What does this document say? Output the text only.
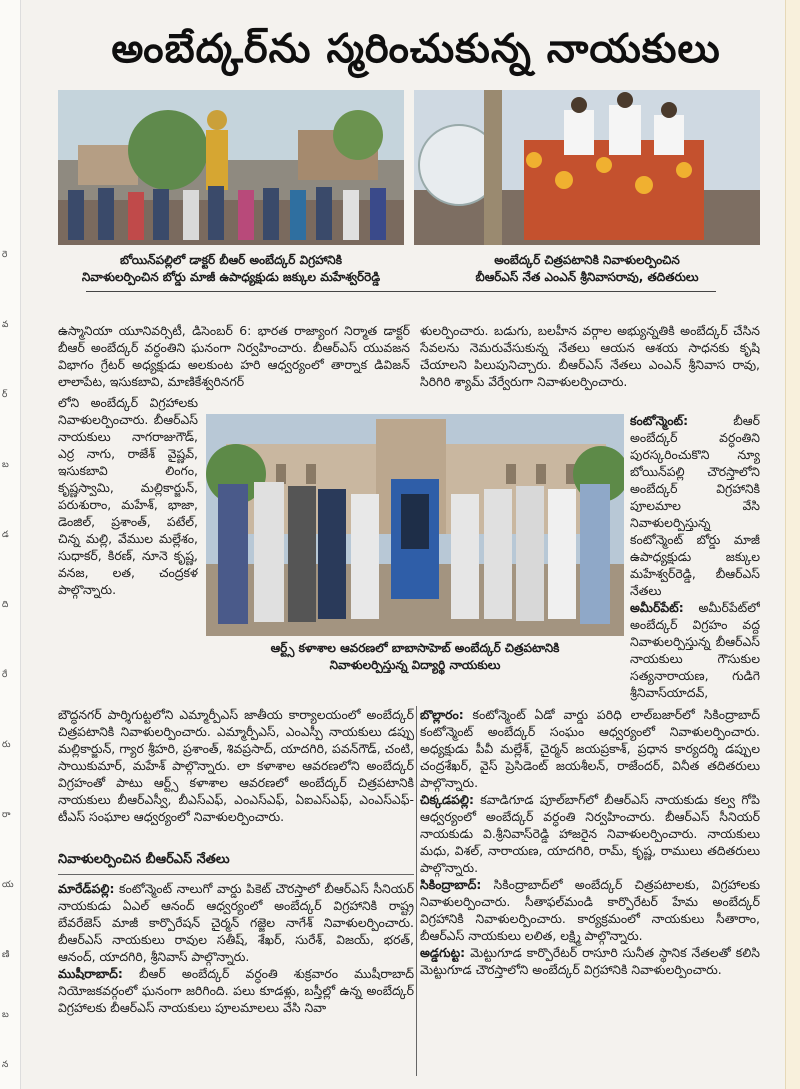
రె
వ
ర్
బ
డ
ది
రే
రు
రా
య
ణి
బ
న
అంబేద్కర్‌ను స్మరించుకున్న నాయకులు
బోయిన్‌పల్లిలో డాక్టర్ బీఆర్ అంబేద్కర్ విగ్రహానికి
నివాళులర్పించిన బోర్డు మాజీ ఉపాధ్యక్షుడు జక్కుల మహేశ్వర్‌రెడ్డి
అంబేద్కర్ చిత్రపటానికి నివాళులర్పించిన
బీఆర్ఎస్ నేత ఎంఎన్ శ్రీనివాసరావు, తదితరులు

ఉస్మానియా యూనివర్సిటీ, డిసెంబర్ 6: భారత రాజ్యాంగ నిర్మాత డాక్టర్ బీఆర్ అంబేద్కర్ వర్ధంతిని ఘనంగా నిర్వహించారు. బీఆర్ఎస్ యువజన విభాగం గ్రేటర్ అధ్యక్షుడు అలకుంట హరి ఆధ్వర్యంలో తార్నాక డివిజన్ లాలాపేట, ఇసుకబావి, మాణికేశ్వరినగర్

లోని అంబేద్కర్ విగ్రహాలకు నివాళులర్పించారు. బీఆర్ఎస్ నాయకులు నాగరాజుగౌడ్, ఎర్ర నాగు, రాజేశ్ వైష్ణవ్, ఇసుకబావి లింగం, కృష్ణస్వామి, మల్లికార్జున్, పరుశురాం, మహేశ్, భాజా, డెంజిల్, ప్రశాంత్, పటేల్, చిన్న మల్లి, వేముల మల్లేశం, సుధాకర్, కిరణ్, నూనె కృష్ణ, వనజ, లత, చంద్రకళ పాల్గొన్నారు.

ఆర్ట్స్ కళాశాల ఆవరణలో బాబాసాహెబ్ అంబేద్కర్ చిత్రపటానికి
నివాళులర్పిస్తున్న విద్యార్థి నాయకులు

బౌద్ధనగర్ పార్శిగుట్టలోని ఎమ్మార్పీఎస్ జాతీయ కార్యాలయంలో అంబేద్కర్ చిత్రపటానికి నివాళులర్పించారు. ఎమ్మార్పీఎస్, ఎంఎస్పీ నాయకులు డప్పు మల్లికార్జున్, గ్యార శ్రీహరి, ప్రశాంత్, శివప్రసాద్, యాదగిరి, పవన్‌గౌడ్, చంటి, సాయికుమార్, మహేశ్ పాల్గొన్నారు. లా కళాశాల ఆవరణలోని అంబేద్కర్ విగ్రహంతో పాటు ఆర్ట్స్ కళాశాల ఆవరణలో అంబేద్కర్ చిత్రపటానికి నాయకులు బీఆర్ఎస్వీ, బీఎస్ఎఫ్, ఎంఎస్ఎఫ్, ఏఐఎస్ఎఫ్, ఎంఎస్ఎఫ్-టీఎస్ సంఘాల ఆధ్వర్యంలో నివాళులర్పించారు.

నివాళులర్పించిన బీఆర్ఎస్ నేతలు

మారేడ్‌పల్లి: కంటోన్మెంట్ నాలుగో వార్డు పికెట్ చౌరస్తాలో బీఆర్ఎస్ సీనియర్ నాయకుడు ఏఎల్ ఆనంద్ ఆధ్వర్యంలో అంబేద్కర్ విగ్రహానికి రాష్ట్ర బేవరేజెస్ మాజీ కార్పొరేషన్ చైర్మన్ గజ్జెల నాగేశ్ నివాళులర్పించారు. బీఆర్ఎస్ నాయకులు రావుల సతీష్, శేఖర్, సురేశ్, విజయ్, భరత్, ఆనంద్, యాదగిరి, శ్రీనివాస్ పాల్గొన్నారు.

ముషీరాబాద్: బీఆర్ అంబేద్కర్ వర్ధంతి శుక్రవారం ముషీరాబాద్ నియోజకవర్గంలో ఘనంగా జరిగింది. పలు కూడళ్లు, బస్తీల్లో ఉన్న అంబేద్కర్ విగ్రహాలకు బీఆర్ఎస్ నాయకులు పూలమాలలు వేసి నివా

ళులర్పించారు. బడుగు, బలహీన వర్గాల అభ్యున్నతికి అంబేద్కర్ చేసిన సేవలను నెమరువేసుకున్న నేతలు ఆయన ఆశయ సాధనకు కృషి చేయాలని పిలుపునిచ్చారు. బీఆర్ఎస్ నేతలు ఎంఎన్ శ్రీనివాస రావు, సిరిగిరి శ్యామ్ వేర్వేరుగా నివాళులర్పించారు.

కంటోన్మెంట్: బీఆర్ అంబేద్కర్ వర్ధంతిని పురస్కరించుకొని న్యూ బోయిన్‌పల్లి చౌరస్తాలోని అంబేద్కర్ విగ్రహానికి పూలమాల వేసి నివాళులర్పిస్తున్న కంటోన్మెంట్ బోర్డు మాజీ ఉపాధ్యక్షుడు జక్కుల మహేశ్వర్‌రెడ్డి, బీఆర్ఎస్ నేతలు

అమీర్‌పేట్: అమీర్‌పేట్‌లో అంబేద్కర్ విగ్రహం వద్ద నివాళులర్పిస్తున్న బీఆర్ఎస్ నాయకులు గౌసుకుల సత్యనారాయణ, గుడిగె శ్రీనివాస్‌యాదవ్,

బొల్లారం: కంటోన్మెంట్ ఏడో వార్డు పరిధి లాల్‌బజార్‌లో సికింద్రాబాద్ కంటోన్మెంట్ అంబేద్కర్ సంఘం ఆధ్వర్యంలో నివాళులర్పించారు. అధ్యక్షుడు పీవీ మల్లేశ్, చైర్మన్ జయప్రకాశ్, ప్రధాన కార్యదర్శి డప్పుల చంద్రశేఖర్, వైస్ ప్రెసిడెంట్ జయశీలన్, రాజేందర్, వినీత తదితరులు పాల్గొన్నారు.

చిక్కడపల్లి: కవాడిగూడ పూల్‌బాగ్‌లో బీఆర్ఎస్ నాయకుడు కల్వ గోపి ఆధ్వర్యంలో అంబేద్కర్ వర్ధంతి నిర్వహించారు. బీఆర్ఎస్ సీనియర్ నాయకుడు వి.శ్రీనివాస్‌రెడ్డి హాజరైన నివాళులర్పించారు. నాయకులు మధు, విశల్, నారాయణ, యాదగిరి, రామ్, కృష్ణ, రాములు తదితరులు పాల్గొన్నారు.

సికింద్రాబాద్: సికింద్రాబాద్‌లో అంబేద్కర్ చిత్రపటాలకు, విగ్రహాలకు నివాళులర్పించారు. సీతాఫల్‌మండి కార్పొరేటర్ హేమ అంబేద్కర్ విగ్రహానికి నివాళులర్పించారు. కార్యక్రమంలో నాయకులు సీతారాం, బీఆర్ఎస్ నాయకులు లలిత, లక్ష్మి పాల్గొన్నారు.

అడ్డగుట్ట: మెట్టుగూడ కార్పొరేటర్ రాసూరి సునీత స్థానిక నేతలతో కలిసి మెట్టుగూడ చౌరస్తాలోని అంబేద్కర్ విగ్రహానికి నివాళులర్పించారు.
